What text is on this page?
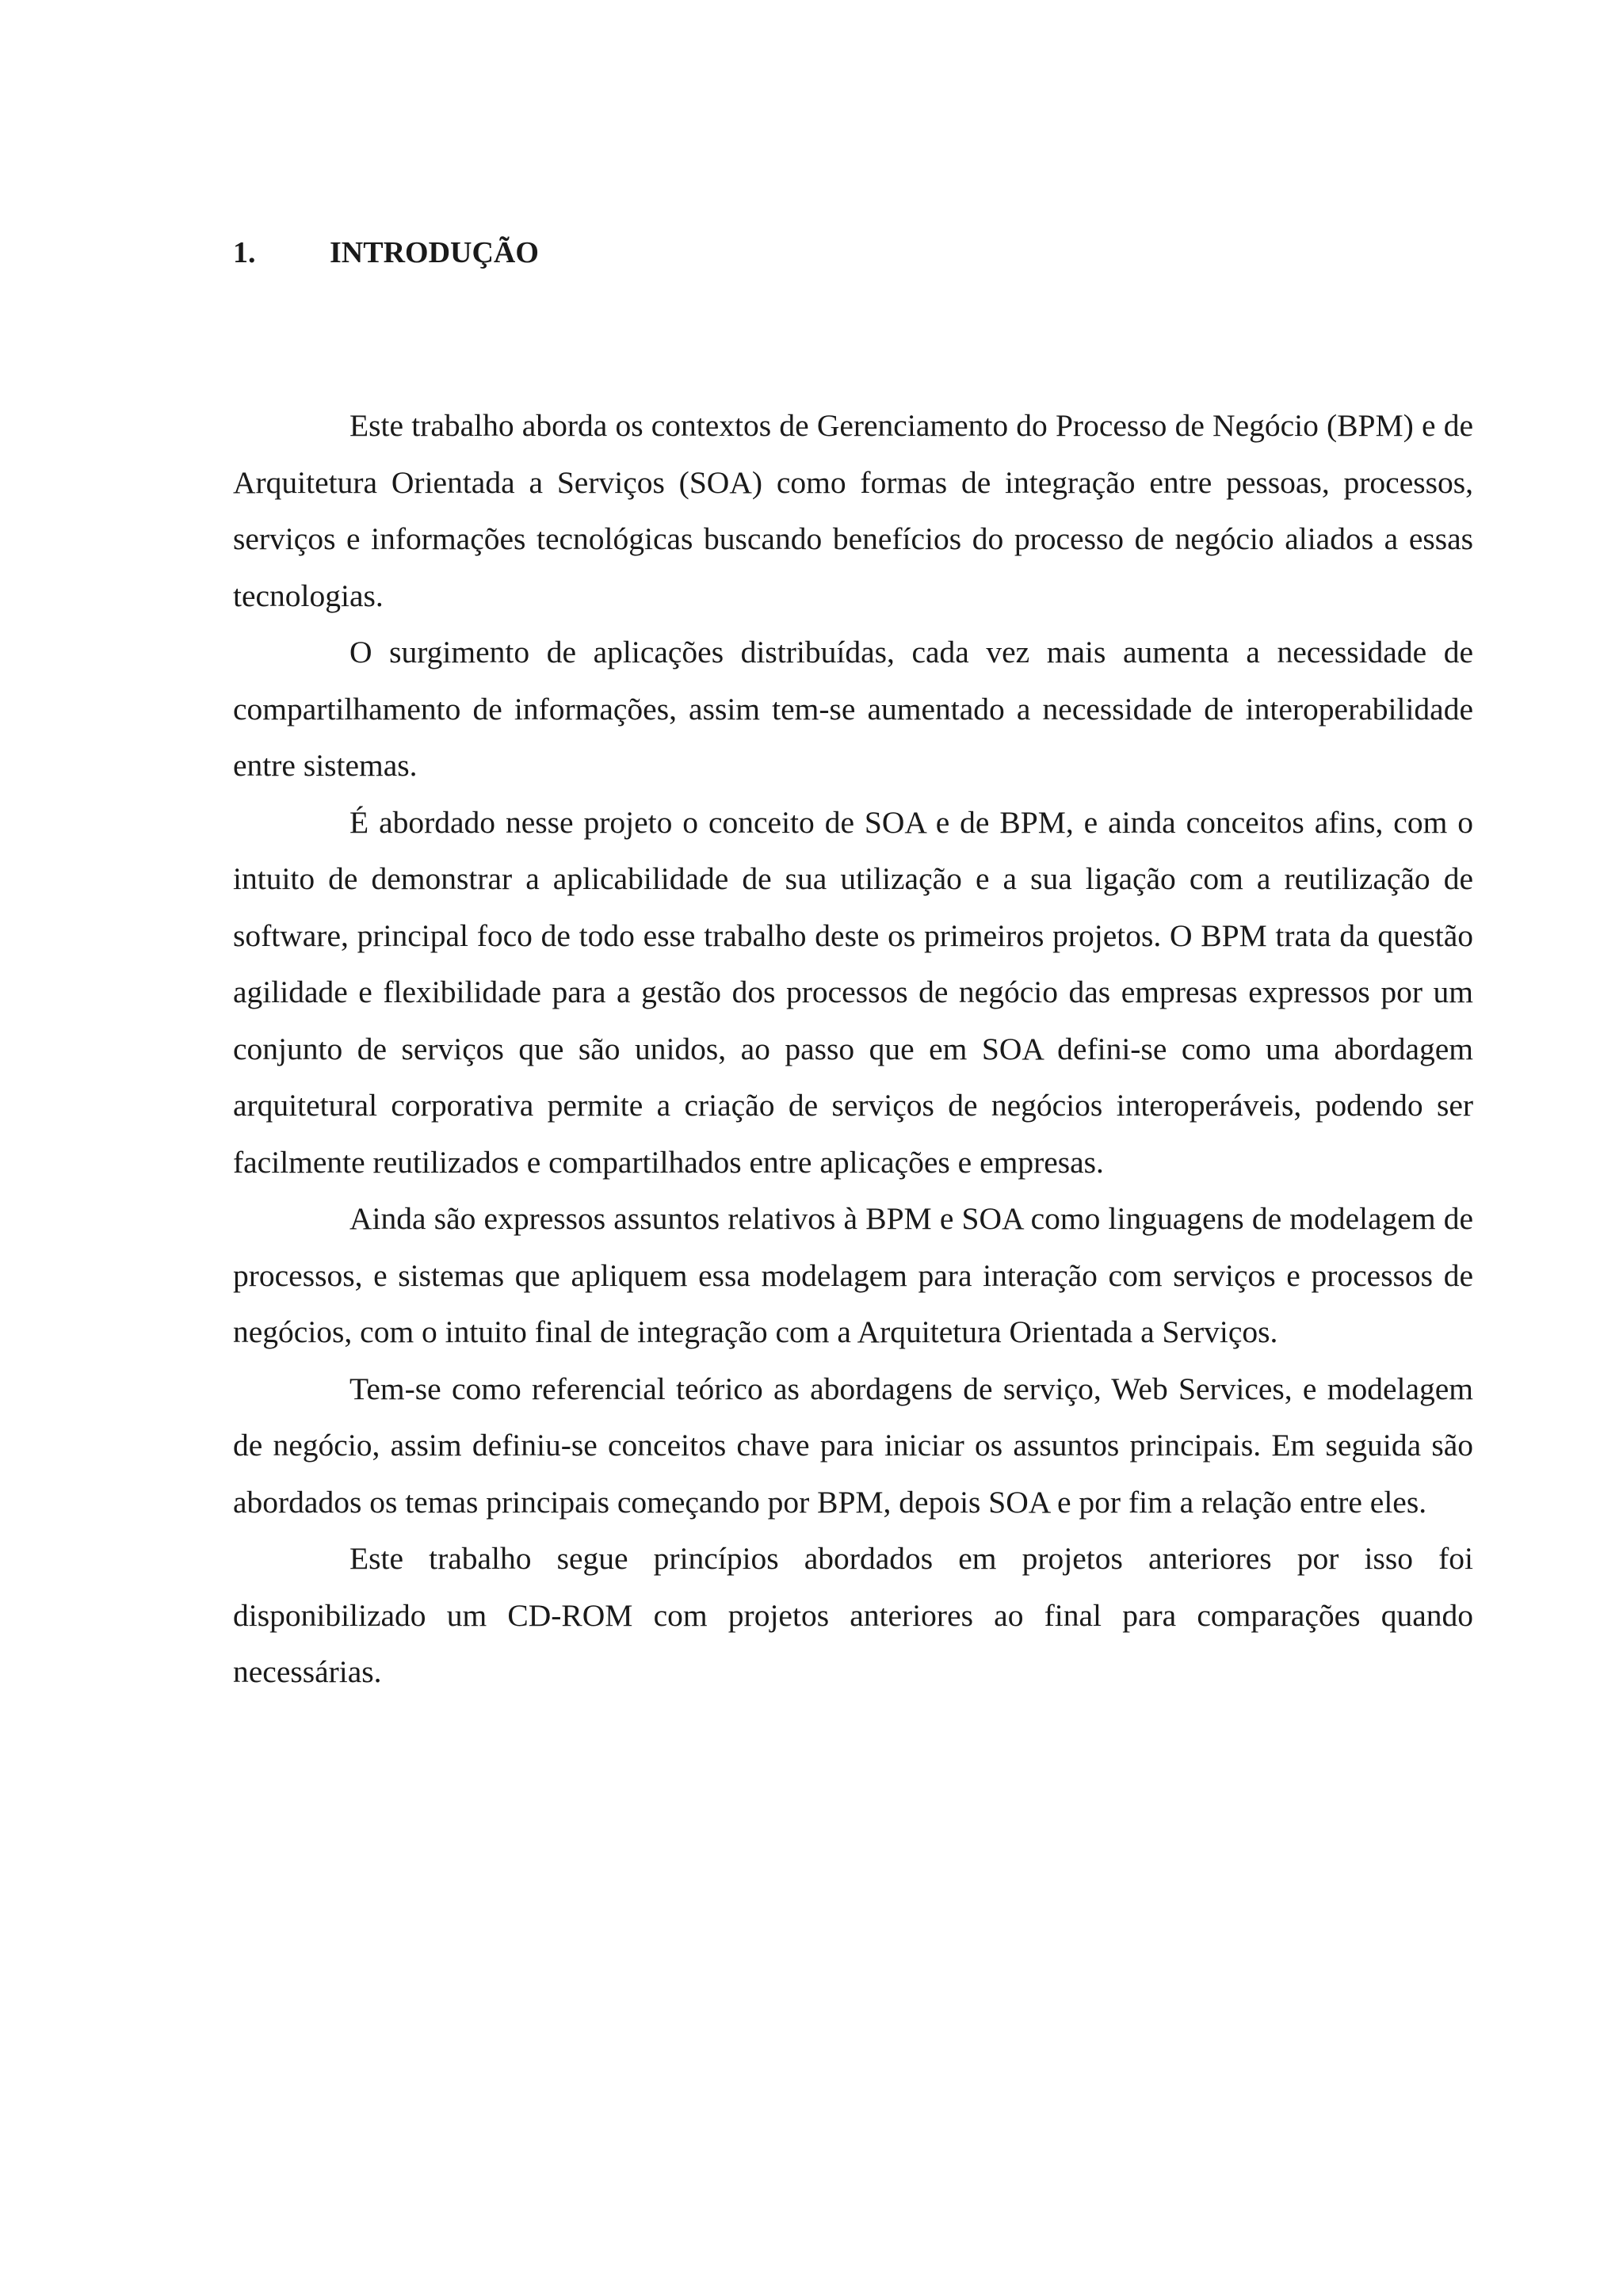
1. INTRODUÇÃO

Este trabalho aborda os contextos de Gerenciamento do Processo de Negócio (BPM) e de Arquitetura Orientada a Serviços (SOA) como formas de integração entre pessoas, processos, serviços e informações tecnológicas buscando benefícios do processo de negócio aliados a essas tecnologias.

O surgimento de aplicações distribuídas, cada vez mais aumenta a necessidade de compartilhamento de informações, assim tem-se aumentado a necessidade de interoperabilidade entre sistemas.

É abordado nesse projeto o conceito de SOA e de BPM, e ainda conceitos afins, com o intuito de demonstrar a aplicabilidade de sua utilização e a sua ligação com a reutilização de software, principal foco de todo esse trabalho deste os primeiros projetos. O BPM trata da questão agilidade e flexibilidade para a gestão dos processos de negócio das empresas expressos por um conjunto de serviços que são unidos, ao passo que em SOA defini-se como uma abordagem arquitetural corporativa permite a criação de serviços de negócios interoperáveis, podendo ser facilmente reutilizados e compartilhados entre aplicações e empresas.

Ainda são expressos assuntos relativos à BPM e SOA como linguagens de modelagem de processos, e sistemas que apliquem essa modelagem para interação com serviços e processos de negócios, com o intuito final de integração com a Arquitetura Orientada a Serviços.

Tem-se como referencial teórico as abordagens de serviço, Web Services, e modelagem de negócio, assim definiu-se conceitos chave para iniciar os assuntos principais. Em seguida são abordados os temas principais começando por BPM, depois SOA e por fim a relação entre eles.

Este trabalho segue princípios abordados em projetos anteriores por isso foi disponibilizado um CD-ROM com projetos anteriores ao final para comparações quando necessárias.
